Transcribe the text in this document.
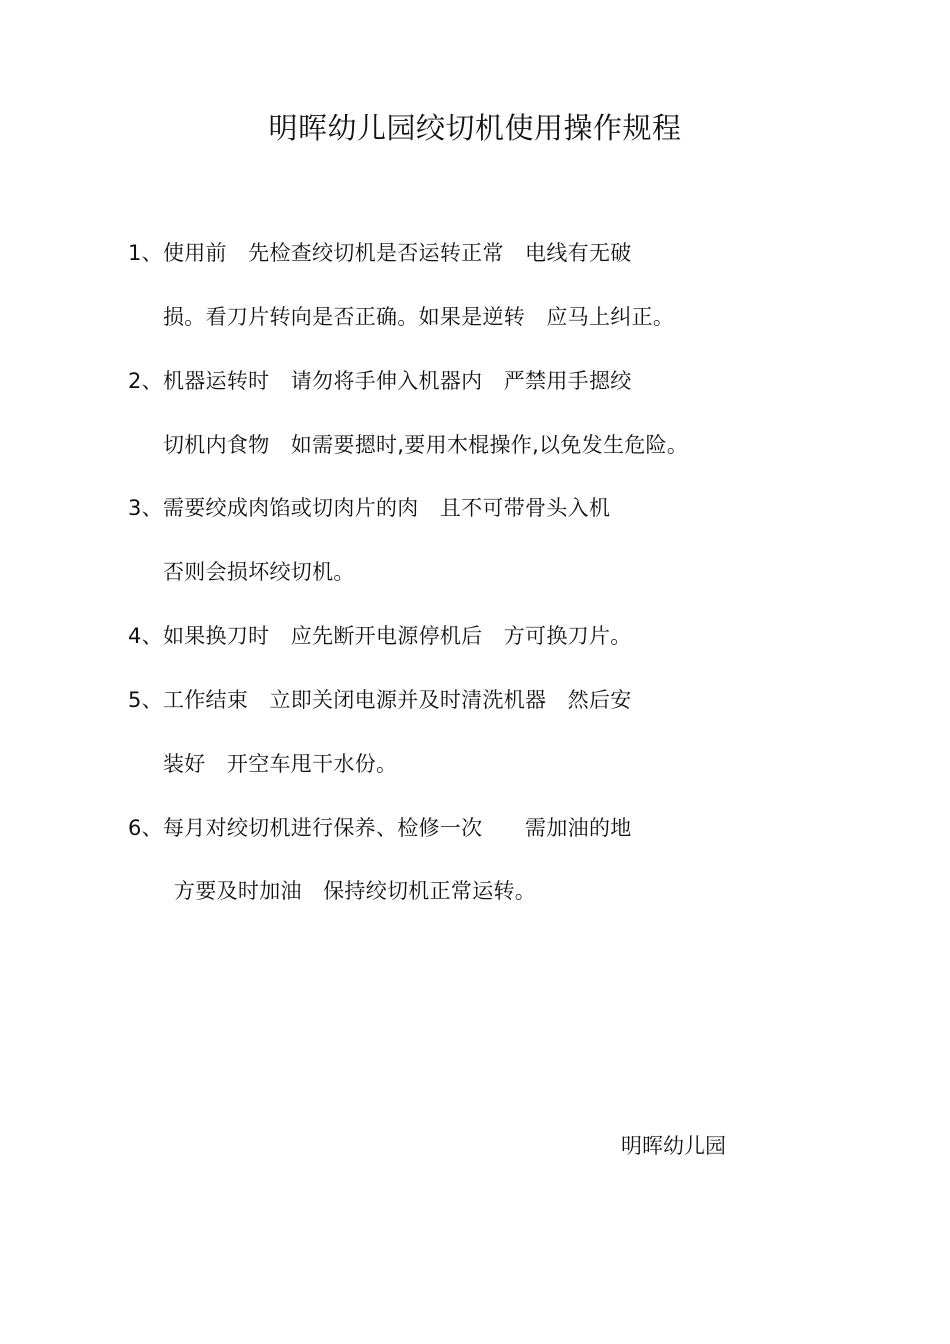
明晖幼儿园绞切机使用操作规程
1、使用前　先检查绞切机是否运转正常　电线有无破
损。看刀片转向是否正确。如果是逆转　应马上纠正。
2、机器运转时　请勿将手伸入机器内　严禁用手摁绞
切机内食物　如需要摁时,要用木棍操作,以免发生危险。
3、需要绞成肉馅或切肉片的肉　且不可带骨头入机
否则会损坏绞切机。
4、如果换刀时　应先断开电源停机后　方可换刀片。
5、工作结束　立即关闭电源并及时清洗机器　然后安
装好　开空车甩干水份。
6、每月对绞切机进行保养、检修一次　　需加油的地
方要及时加油　保持绞切机正常运转。
明晖幼儿园
